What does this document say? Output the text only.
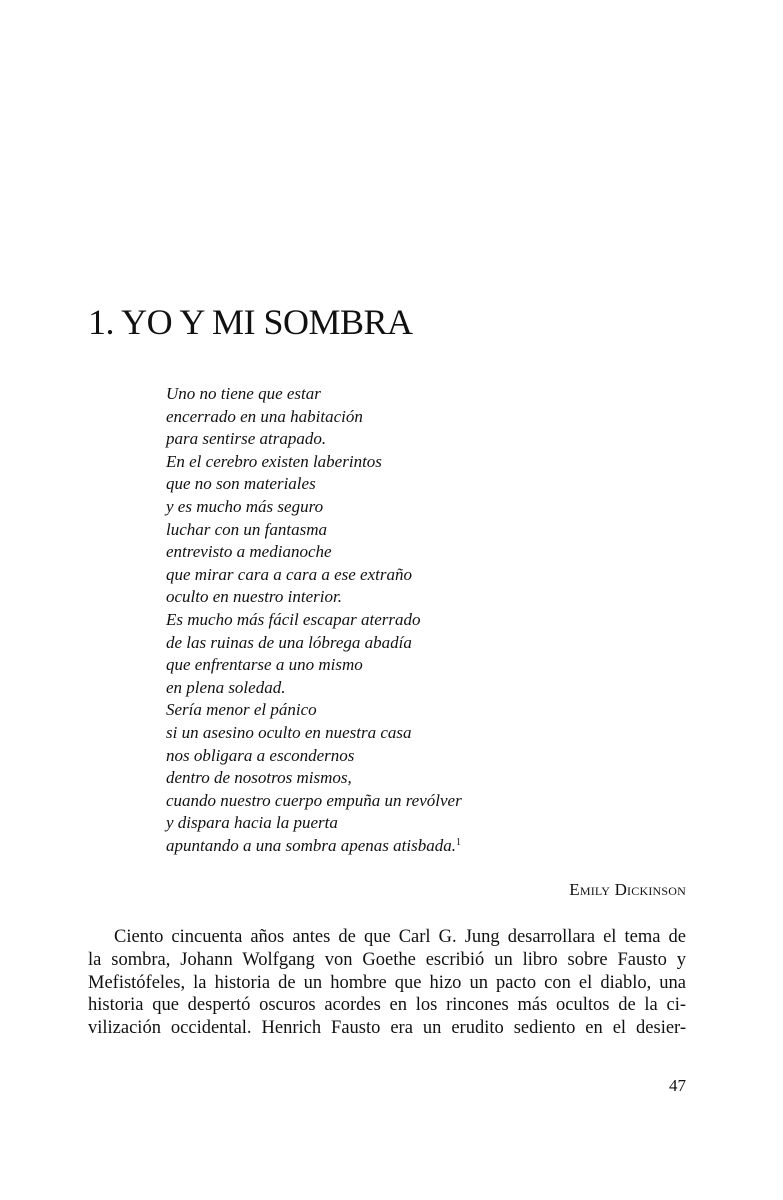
1. YO Y MI SOMBRA
Uno no tiene que estar
encerrado en una habitación
para sentirse atrapado.
En el cerebro existen laberintos
que no son materiales
y es mucho más seguro
luchar con un fantasma
entrevisto a medianoche
que mirar cara a cara a ese extraño
oculto en nuestro interior.
Es mucho más fácil escapar aterrado
de las ruinas de una lóbrega abadía
que enfrentarse a uno mismo
en plena soledad.
Sería menor el pánico
si un asesino oculto en nuestra casa
nos obligara a escondernos
dentro de nosotros mismos,
cuando nuestro cuerpo empuña un revólver
y dispara hacia la puerta
apuntando a una sombra apenas atisbada.$^1$

Emily Dickinson

Ciento cincuenta años antes de que Carl G. Jung desarrollara el tema de
la sombra, Johann Wolfgang von Goethe escribió un libro sobre Fausto y
Mefistófeles, la historia de un hombre que hizo un pacto con el diablo, una
historia que despertó oscuros acordes en los rincones más ocultos de la ci-
vilización occidental. Henrich Fausto era un erudito sediento en el desier-

47
